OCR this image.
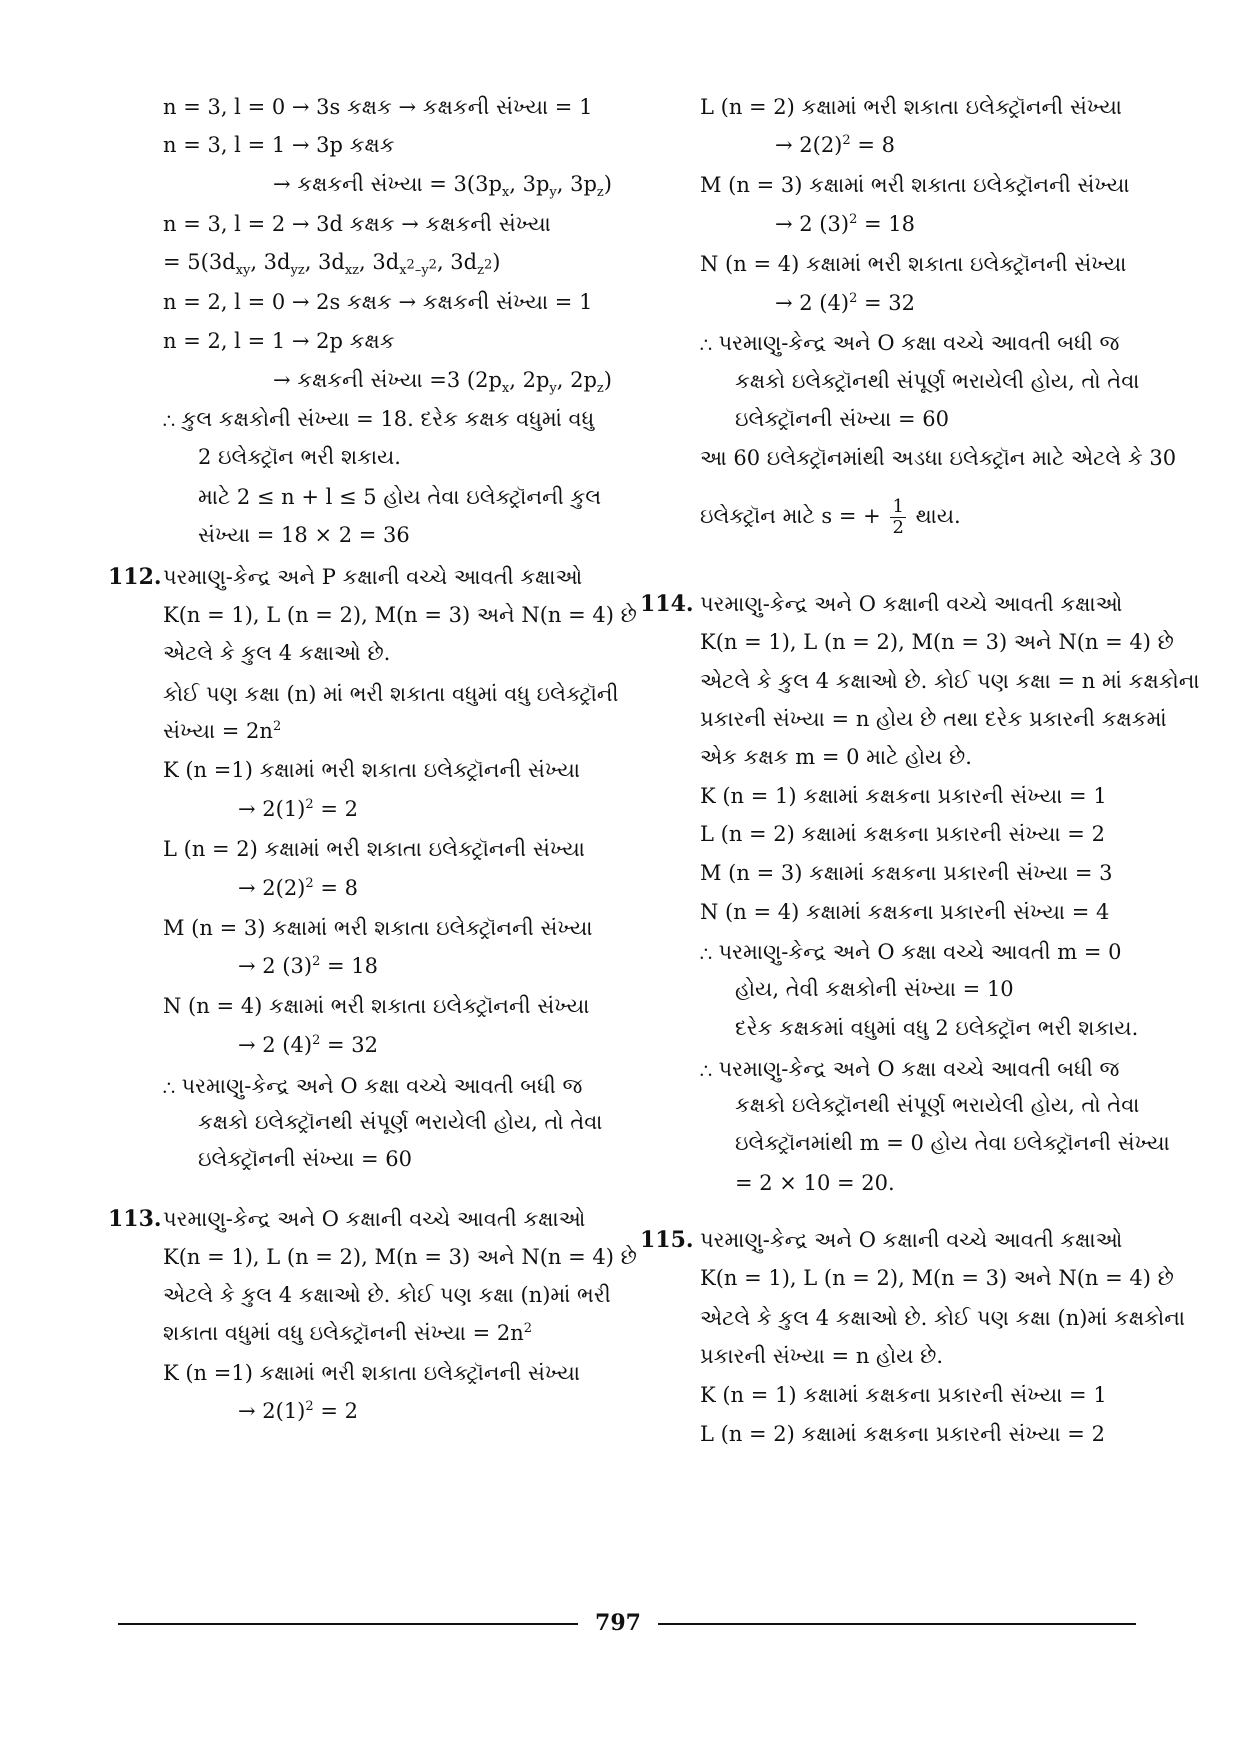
n = 3, l = 0 → 3s કક્ષક → કક્ષકની સંખ્યા = 1
n = 3, l = 1 → 3p કક્ષક
→ કક્ષકની સંખ્યા = $3(3p_x$, $3p_y$, $3p_z$)
n = 3, l = 2 → 3d કક્ષક → કક્ષકની સંખ્યા
= $5(3d_{xy}$, $3d_{yz}$, $3d_{xz}$, $3d_{x^2-y^2}$, $3d_{z^2}$)
n = 2, l = 0 → 2s કક્ષક → કક્ષકની સંખ્યા = 1
n = 2, l = 1 → 2p કક્ષક
→ કક્ષકની સંખ્યા =3 ($2p_x$, $2p_y$, $2p_z$)
∴ કુલ કક્ષકોની સંખ્યા = 18. દરેક કક્ષક વધુમાં વધુ
2 ઇલેક્ટ્રૉન ભરી શકાય.
માટે 2 ≤ n + l ≤ 5 હોય તેવા ઇલેક્ટ્રૉનની કુલ
સંખ્યા = 18 × 2 = 36
પરમાણુ-કેન્દ્ર અને P કક્ષાની વચ્ચે આવતી કક્ષાઓ
K(n = 1), L (n = 2), M(n = 3) અને N(n = 4) છે
એટલે કે કુલ 4 કક્ષાઓ છે.
કોઈ પણ કક્ષા (n) માં ભરી શકાતા વધુમાં વધુ ઇલેક્ટ્રૉની
સંખ્યા = $2n^2$
K (n =1) કક્ષામાં ભરી શકાતા ઇલેક્ટ્રૉનની સંખ્યા
→ $2(1)^2 = 2$
L (n = 2) કક્ષામાં ભરી શકાતા ઇલેક્ટ્રૉનની સંખ્યા
→ $2(2)^2 = 8$
M (n = 3) કક્ષામાં ભરી શકાતા ઇલેક્ટ્રૉનની સંખ્યા
→ 2 $(3)^2 = 18$
N (n = 4) કક્ષામાં ભરી શકાતા ઇલેક્ટ્રૉનની સંખ્યા
→ 2 $(4)^2 = 32$
∴ પરમાણુ-કેન્દ્ર અને O કક્ષા વચ્ચે આવતી બધી જ
કક્ષકો ઇલેક્ટ્રૉનથી સંપૂર્ણ ભરાયેલી હોય, તો તેવા
ઇલેક્ટ્રૉનની સંખ્યા = 60
પરમાણુ-કેન્દ્ર અને O કક્ષાની વચ્ચે આવતી કક્ષાઓ
K(n = 1), L (n = 2), M(n = 3) અને N(n = 4) છે
એટલે કે કુલ 4 કક્ષાઓ છે. કોઈ પણ કક્ષા (n)માં ભરી
શકાતા વધુમાં વધુ ઇલેક્ટ્રૉનની સંખ્યા = $2n^2$
K (n =1) કક્ષામાં ભરી શકાતા ઇલેક્ટ્રૉનની સંખ્યા
→ $2(1)^2 = 2$
112.
113.
L (n = 2) કક્ષામાં ભરી શકાતા ઇલેક્ટ્રૉનની સંખ્યા
→ $2(2)^2 = 8$
M (n = 3) કક્ષામાં ભરી શકાતા ઇલેક્ટ્રૉનની સંખ્યા
→ 2 $(3)^2 = 18$
N (n = 4) કક્ષામાં ભરી શકાતા ઇલેક્ટ્રૉનની સંખ્યા
→ 2 $(4)^2 = 32$
∴ પરમાણુ-કેન્દ્ર અને O કક્ષા વચ્ચે આવતી બધી જ
કક્ષકો ઇલેક્ટ્રૉનથી સંપૂર્ણ ભરાયેલી હોય, તો તેવા
ઇલેક્ટ્રૉનની સંખ્યા = 60
આ 60 ઇલેક્ટ્રૉનમાંથી અડધા ઇલેક્ટ્રૉન માટે એટલે કે 30
ઇલેક્ટ્રૉન માટે s = + $\frac{1}{2}$ થાય.
પરમાણુ-કેન્દ્ર અને O કક્ષાની વચ્ચે આવતી કક્ષાઓ
K(n = 1), L (n = 2), M(n = 3) અને N(n = 4) છે
એટલે કે કુલ 4 કક્ષાઓ છે. કોઈ પણ કક્ષા = n માં કક્ષકોના
પ્રકારની સંખ્યા = n હોય છે તથા દરેક પ્રકારની કક્ષકમાં
એક કક્ષક m = 0 માટે હોય છે.
K (n = 1) કક્ષામાં કક્ષકના પ્રકારની સંખ્યા = 1
L (n = 2) કક્ષામાં કક્ષકના પ્રકારની સંખ્યા = 2
M (n = 3) કક્ષામાં કક્ષકના પ્રકારની સંખ્યા = 3
N (n = 4) કક્ષામાં કક્ષકના પ્રકારની સંખ્યા = 4
∴ પરમાણુ-કેન્દ્ર અને O કક્ષા વચ્ચે આવતી m = 0
હોય, તેવી કક્ષકોની સંખ્યા = 10
દરેક કક્ષકમાં વધુમાં વધુ 2 ઇલેક્ટ્રૉન ભરી શકાય.
∴ પરમાણુ-કેન્દ્ર અને O કક્ષા વચ્ચે આવતી બધી જ
કક્ષકો ઇલેક્ટ્રૉનથી સંપૂર્ણ ભરાયેલી હોય, તો તેવા
ઇલેક્ટ્રૉનમાંથી m = 0 હોય તેવા ઇલેક્ટ્રૉનની સંખ્યા
= 2 × 10 = 20.
પરમાણુ-કેન્દ્ર અને O કક્ષાની વચ્ચે આવતી કક્ષાઓ
K(n = 1), L (n = 2), M(n = 3) અને N(n = 4) છે
એટલે કે કુલ 4 કક્ષાઓ છે. કોઈ પણ કક્ષા (n)માં કક્ષકોના
પ્રકારની સંખ્યા = n હોય છે.
K (n = 1) કક્ષામાં કક્ષકના પ્રકારની સંખ્યા = 1
L (n = 2) કક્ષામાં કક્ષકના પ્રકારની સંખ્યા = 2
114.
115.
797
